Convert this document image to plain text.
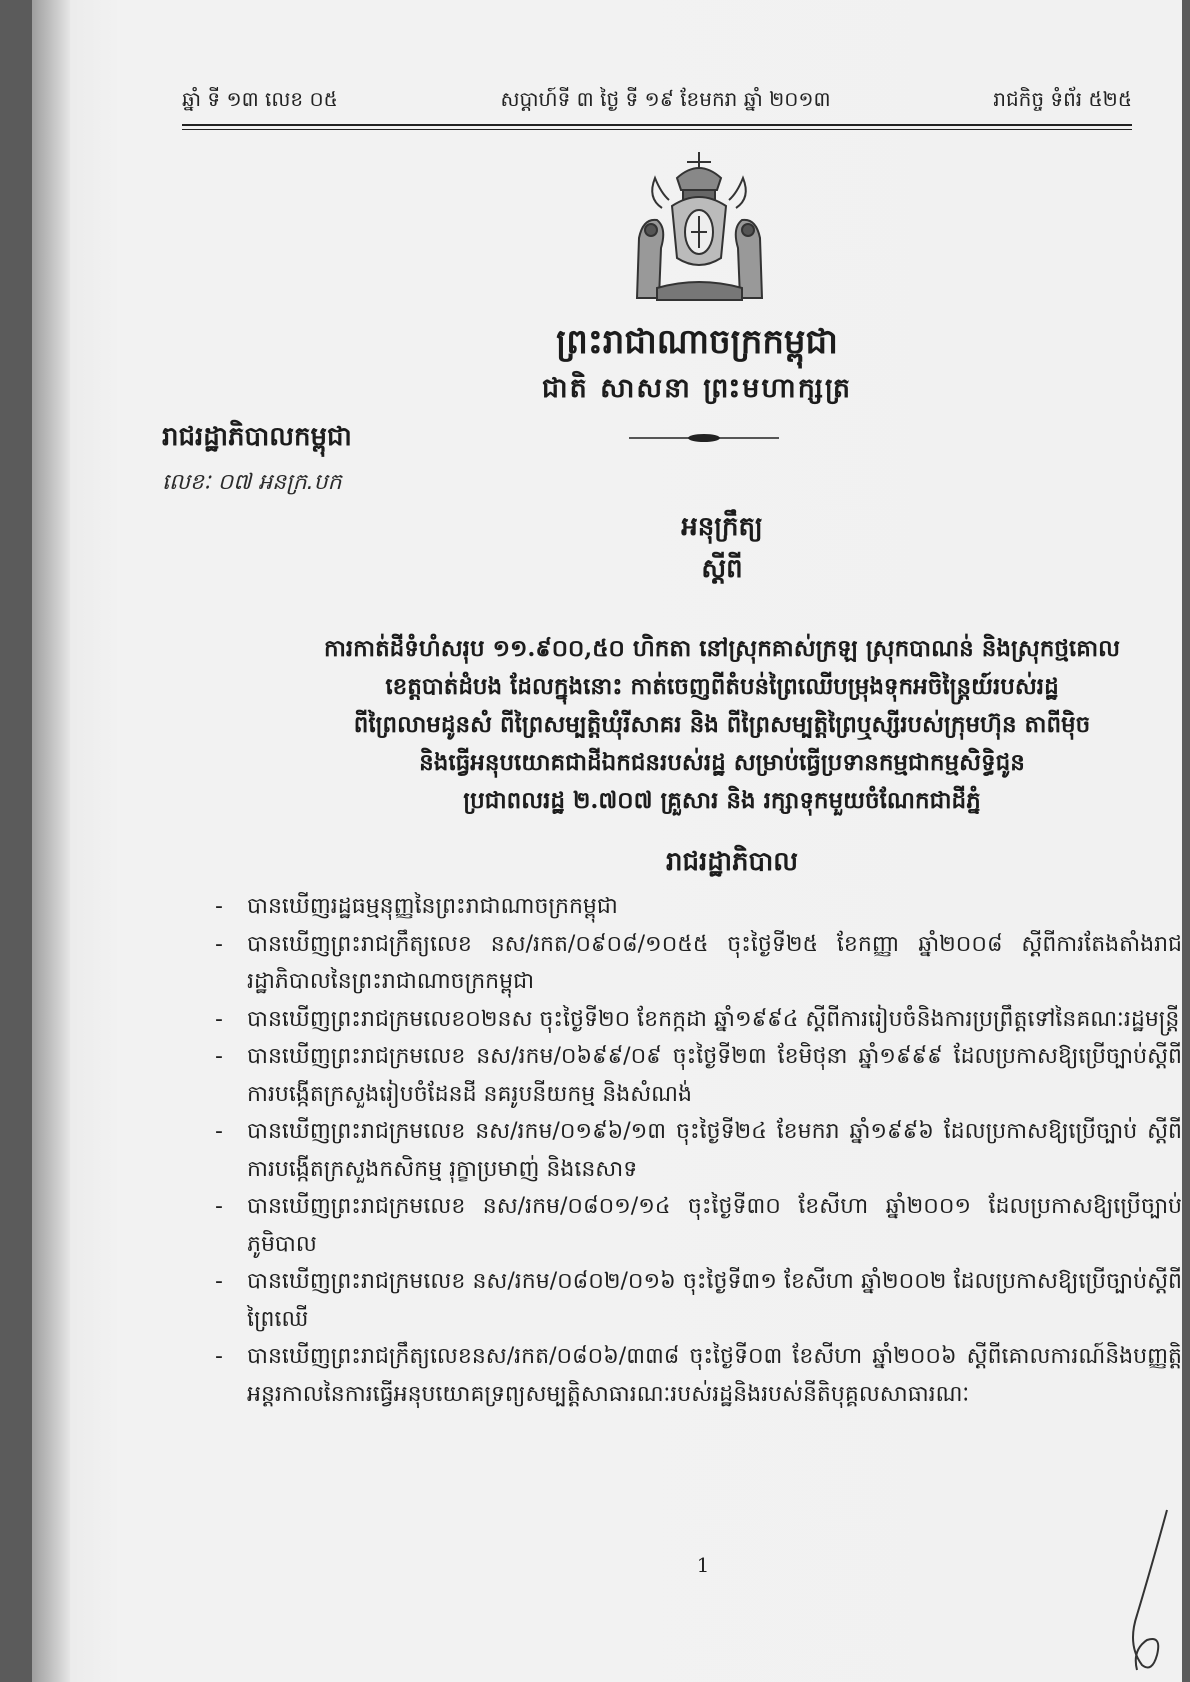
ឆ្នាំ ទី ១៣ លេខ ០៥	សប្ដាហ៍ទី ៣ ថ្ងៃ ទី ១៩ ខែមករា ឆ្នាំ ២០១៣	រាជកិច្ច ទំព័រ ៥២៥
ព្រះរាជាណាចក្រកម្ពុជា
ជាតិ សាសនា ព្រះមហាក្សត្រ
រាជរដ្ឋាភិបាលកម្ពុជា
លេខៈ ០៧ អនក្រ.បក
អនុក្រឹត្យ
ស្ដីពី
ការកាត់ដីទំហំសរុប ១១.៩០០,៥០ ហិកតា នៅស្រុកគាស់ក្រឡ ស្រុកបាណន់ និងស្រុកថ្មគោល
ខេត្តបាត់ដំបង ដែលក្នុងនោះ កាត់ចេញពីតំបន់ព្រៃឈើបម្រុងទុកអចិន្ត្រៃយ៍របស់រដ្ឋ
ពីព្រៃលាមដូនសំ ពីព្រៃសម្បត្តិឃុំរីសាគរ និង ពីព្រៃសម្បត្តិព្រៃឬស្សីរបស់ក្រុមហ៊ុន តាពីម៉ិច
និងធ្វើអនុបយោគជាដីឯកជនរបស់រដ្ឋ សម្រាប់ធ្វើប្រទានកម្មជាកម្មសិទ្ធិជូន
ប្រជាពលរដ្ឋ ២.៧០៧ គ្រួសារ និង រក្សាទុកមួយចំណែកជាដីភ្នំ
រាជរដ្ឋាភិបាល
- បានឃើញរដ្ឋធម្មនុញ្ញនៃព្រះរាជាណាចក្រកម្ពុជា
- បានឃើញព្រះរាជក្រឹត្យលេខ នស/រកត/០៩០៨/១០៥៥ ចុះថ្ងៃទី២៥ ខែកញ្ញា ឆ្នាំ២០០៨ ស្ដីពីការតែងតាំងរាជរដ្ឋាភិបាលនៃព្រះរាជាណាចក្រកម្ពុជា
- បានឃើញព្រះរាជក្រមលេខ០២នស ចុះថ្ងៃទី២០ ខែកក្កដា ឆ្នាំ១៩៩៤ ស្ដីពីការរៀបចំនិងការប្រព្រឹត្តទៅនៃគណៈរដ្ឋមន្ត្រី
- បានឃើញព្រះរាជក្រមលេខ នស/រកម/០៦៩៩/០៩ ចុះថ្ងៃទី២៣ ខែមិថុនា ឆ្នាំ១៩៩៩ ដែលប្រកាសឱ្យប្រើច្បាប់ស្ដីពីការបង្កើតក្រសួងរៀបចំដែនដី នគរូបនីយកម្ម និងសំណង់
- បានឃើញព្រះរាជក្រមលេខ នស/រកម/០១៩៦/១៣ ចុះថ្ងៃទី២៤ ខែមករា ឆ្នាំ១៩៩៦ ដែលប្រកាសឱ្យប្រើច្បាប់ ស្ដីពីការបង្កើតក្រសួងកសិកម្ម រុក្ខាប្រមាញ់ និងនេសាទ
- បានឃើញព្រះរាជក្រមលេខ នស/រកម/០៨០១/១៤ ចុះថ្ងៃទី៣០ ខែសីហា ឆ្នាំ២០០១ ដែលប្រកាសឱ្យប្រើច្បាប់ភូមិបាល
- បានឃើញព្រះរាជក្រមលេខ នស/រកម/០៨០២/០១៦ ចុះថ្ងៃទី៣១ ខែសីហា ឆ្នាំ២០០២ ដែលប្រកាសឱ្យប្រើច្បាប់ស្ដីពីព្រៃឈើ
- បានឃើញព្រះរាជក្រឹត្យលេខនស/រកត/០៨០៦/៣៣៨ ចុះថ្ងៃទី០៣ ខែសីហា ឆ្នាំ២០០៦ ស្ដីពីគោលការណ៍និងបញ្ញត្តិអន្តរកាលនៃការធ្វើអនុបយោគទ្រព្យសម្បត្តិសាធារណៈរបស់រដ្ឋនិងរបស់នីតិបុគ្គលសាធារណៈ
1
